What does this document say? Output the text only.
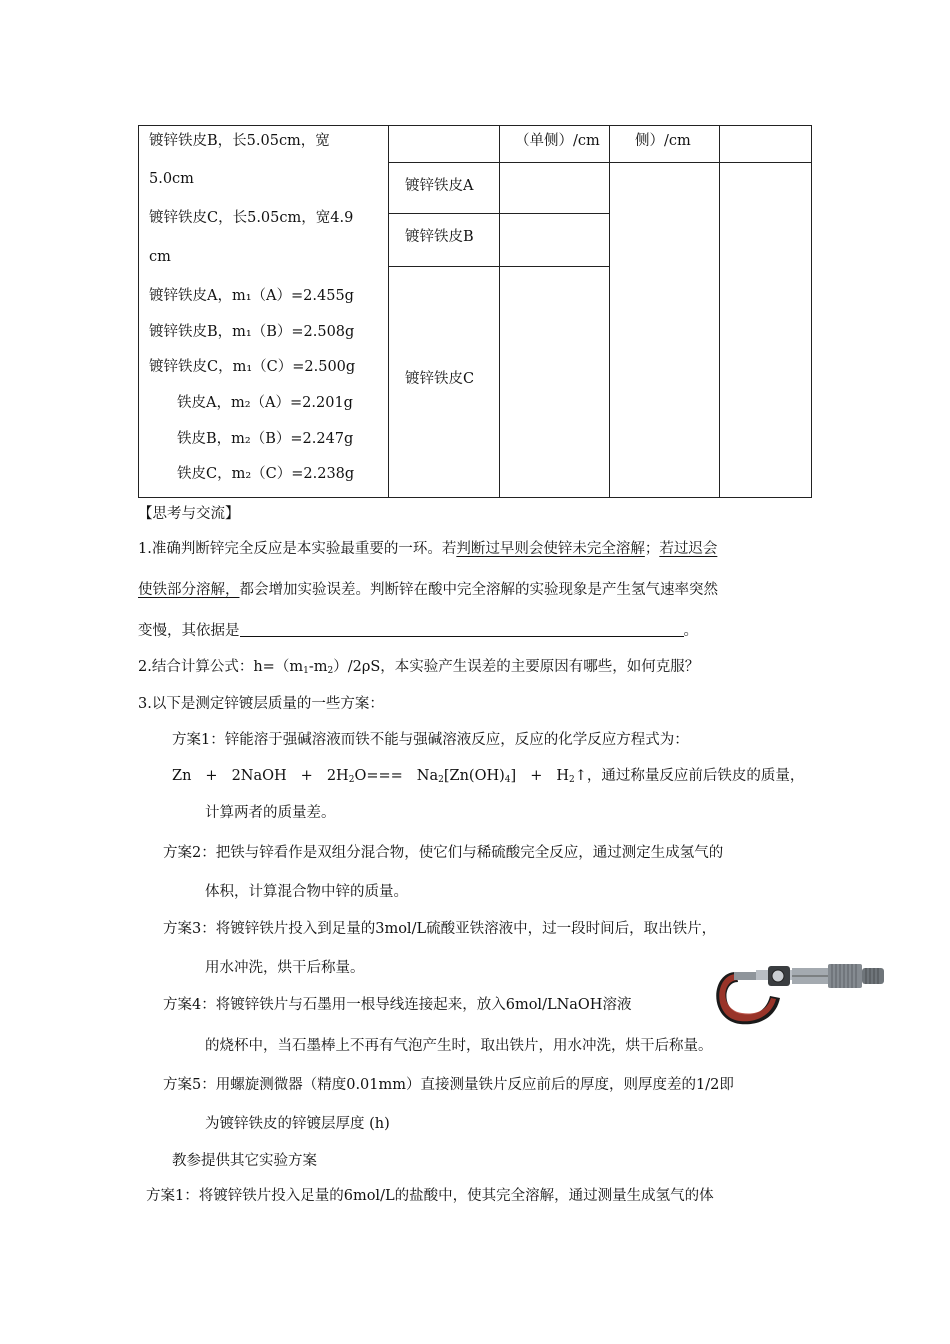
镀锌铁皮B，长5.05cm，宽
5.0cm
镀锌铁皮C，长5.05cm，宽4.9
cm
镀锌铁皮A，m₁（A）=2.455g
镀锌铁皮B，m₁（B）=2.508g
镀锌铁皮C，m₁（C）=2.500g
铁皮A，m₂（A）=2.201g
铁皮B，m₂（B）=2.247g
铁皮C，m₂（C）=2.238g
镀锌铁皮A
镀锌铁皮B
镀锌铁皮C
（单侧）/cm 侧）/cm
【思考与交流】
1.准确判断锌完全反应是本实验最重要的一环。若判断过早则会使锌未完全溶解；若过迟会
使铁部分溶解，都会增加实验误差。判断锌在酸中完全溶解的实验现象是产生氢气速率突然
变慢，其依据是	。
2.结合计算公式：$h=(m_1-m_2)/2\rho S$，本实验产生误差的主要原因有哪些，如何克服？
3.以下是测定锌镀层质量的一些方案：
方案1：锌能溶于强碱溶液而铁不能与强碱溶液反应，反应的化学反应方程式为：
Zn + 2NaOH + $2H_2O=== Na_2[Zn(OH)_4]$ + $H_2↑$，通过称量反应前后铁皮的质量，
计算两者的质量差。
方案2：把铁与锌看作是双组分混合物，使它们与稀硫酸完全反应，通过测定生成氢气的
体积，计算混合物中锌的质量。
方案3：将镀锌铁片投入到足量的3mol/L硫酸亚铁溶液中，过一段时间后，取出铁片，
用水冲洗，烘干后称量。
方案4：将镀锌铁片与石墨用一根导线连接起来，放入6mol/LNaOH溶液
的烧杯中，当石墨棒上不再有气泡产生时，取出铁片，用水冲洗，烘干后称量。
方案5：用螺旋测微器（精度0.01mm）直接测量铁片反应前后的厚度，则厚度差的1/2即
为镀锌铁皮的锌镀层厚度 (h)
教参提供其它实验方案
方案1：将镀锌铁片投入足量的6mol/L的盐酸中，使其完全溶解，通过测量生成氢气的体
